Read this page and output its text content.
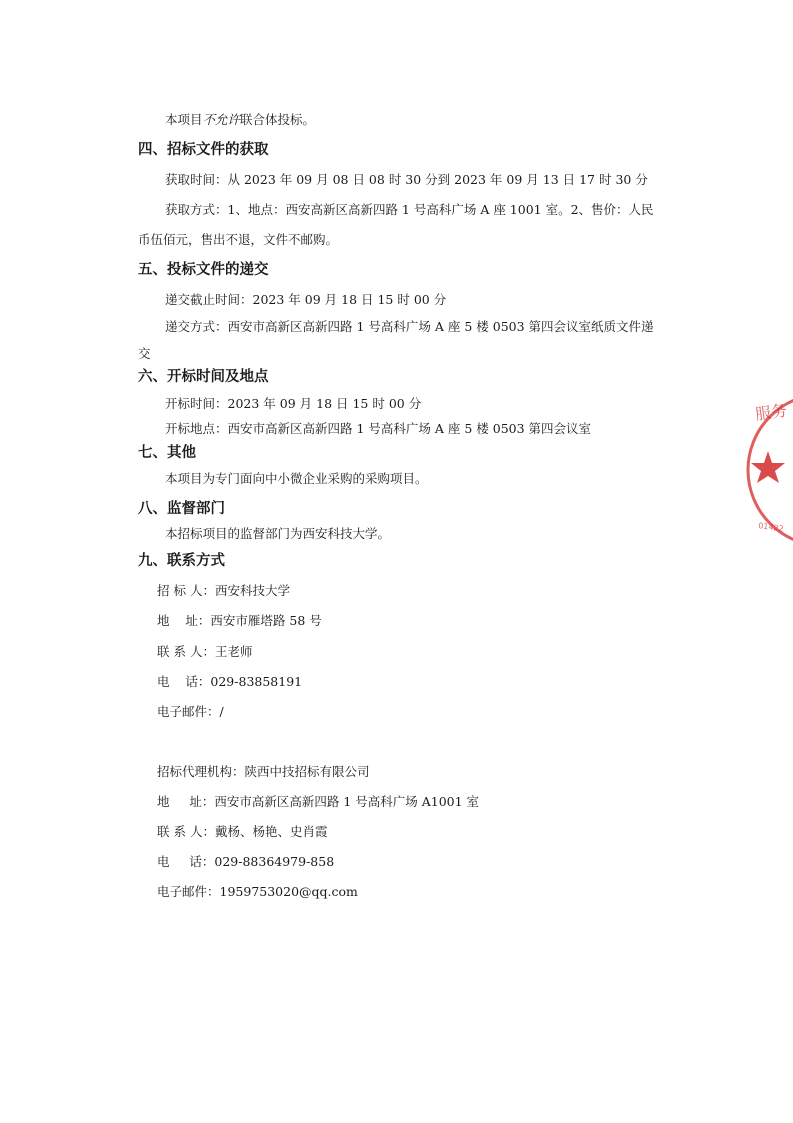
本项目不允许联合体投标。
四、招标文件的获取
获取时间：从 2023 年 09 月 08 日 08 时 30 分到 2023 年 09 月 13 日 17 时 30 分
获取方式：1、地点：西安高新区高新四路 1 号高科广场 A 座 1001 室。2、售价：人民
币伍佰元，售出不退，文件不邮购。
五、投标文件的递交
递交截止时间：2023 年 09 月 18 日 15 时 00 分
递交方式：西安市高新区高新四路 1 号高科广场 A 座 5 楼 0503 第四会议室纸质文件递
交
六、开标时间及地点
开标时间：2023 年 09 月 18 日 15 时 00 分
开标地点：西安市高新区高新四路 1 号高科广场 A 座 5 楼 0503 第四会议室
七、其他
本项目为专门面向中小微企业采购的采购项目。
八、监督部门
本招标项目的监督部门为西安科技大学。
九、联系方式
招 标 人：西安科技大学
地    址：西安市雁塔路 58 号
联 系 人：王老师
电    话：029-83858191
电子邮件：/
招标代理机构：陕西中技招标有限公司
地     址：西安市高新区高新四路 1 号高科广场 A1001 室
联 系 人：戴杨、杨艳、史肖霞
电     话：029-88364979-858
电子邮件：1959753020@qq.com
服务
01422
